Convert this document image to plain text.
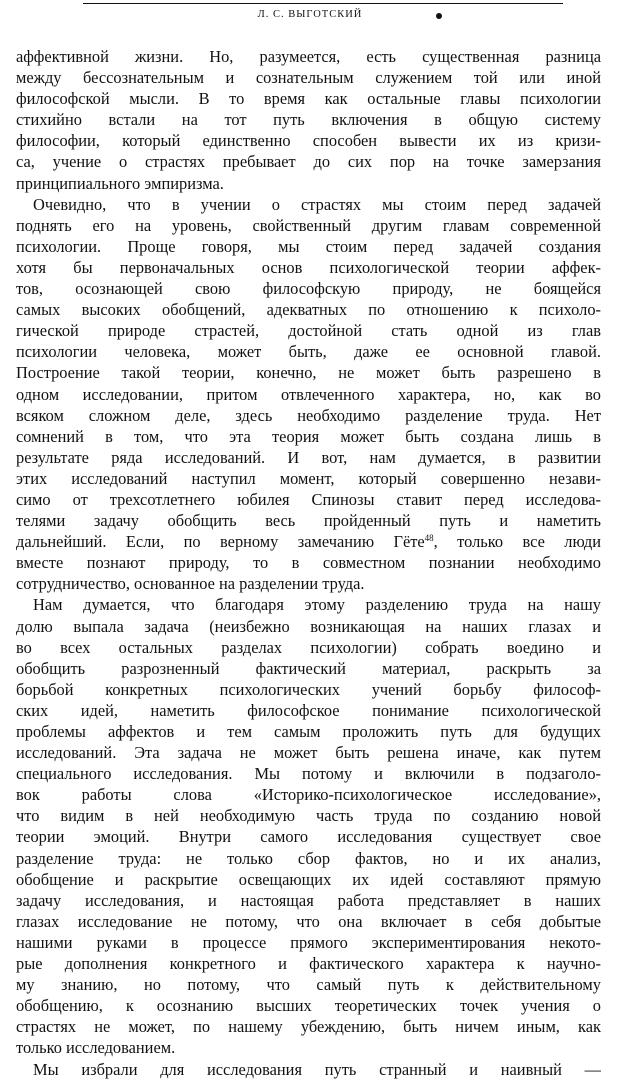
Л. С. ВЫГОТСКИЙ
аффективной жизни. Но, разумеется, есть существенная разница
между бессознательным и сознательным служением той или иной
философской мысли. В то время как остальные главы психологии
стихийно встали на тот путь включения в общую систему
философии, который единственно способен вывести их из кризи-
са, учение о страстях пребывает до сих пор на точке замерзания
принципиального эмпиризма.
Очевидно, что в учении о страстях мы стоим перед задачей
поднять его на уровень, свойственный другим главам современной
психологии. Проще говоря, мы стоим перед задачей создания
хотя бы первоначальных основ психологической теории аффек-
тов, осознающей свою философскую природу, не боящейся
самых высоких обобщений, адекватных по отношению к психоло-
гической природе страстей, достойной стать одной из глав
психологии человека, может быть, даже ее основной главой.
Построение такой теории, конечно, не может быть разрешено в
одном исследовании, притом отвлеченного характера, но, как во
всяком сложном деле, здесь необходимо разделение труда. Нет
сомнений в том, что эта теория может быть создана лишь в
результате ряда исследований. И вот, нам думается, в развитии
этих исследований наступил момент, который совершенно незави-
симо от трехсотлетнего юбилея Спинозы ставит перед исследова-
телями задачу обобщить весь пройденный путь и наметить
дальнейший. Если, по верному замечанию Гёте$^{48}$, только все люди
вместе познают природу, то в совместном познании необходимо
сотрудничество, основанное на разделении труда.
Нам думается, что благодаря этому разделению труда на нашу
долю выпала задача (неизбежно возникающая на наших глазах и
во всех остальных разделах психологии) собрать воедино и
обобщить разрозненный фактический материал, раскрыть за
борьбой конкретных психологических учений борьбу философ-
ских идей, наметить философское понимание психологической
проблемы аффектов и тем самым проложить путь для будущих
исследований. Эта задача не может быть решена иначе, как путем
специального исследования. Мы потому и включили в подзаголо-
вок работы слова «Историко-психологическое исследование»,
что видим в ней необходимую часть труда по созданию новой
теории эмоций. Внутри самого исследования существует свое
разделение труда: не только сбор фактов, но и их анализ,
обобщение и раскрытие освещающих их идей составляют прямую
задачу исследования, и настоящая работа представляет в наших
глазах исследование не потому, что она включает в себя добытые
нашими руками в процессе прямого экспериментирования некото-
рые дополнения конкретного и фактического характера к научно-
му знанию, но потому, что самый путь к действительному
обобщению, к осознанию высших теоретических точек учения о
страстях не может, по нашему убеждению, быть ничем иным, как
только исследованием.
Мы избрали для исследования путь странный и наивный —
